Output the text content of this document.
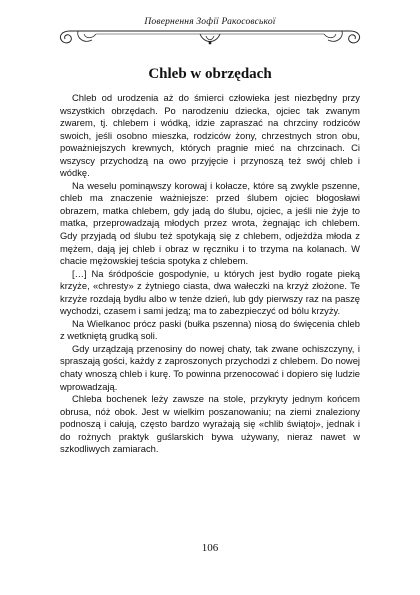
Повернення Зофії Ракосовської
Chleb w obrzędach

Chleb od urodzenia aż do śmierci człowieka jest niezbędny przy wszystkich obrzędach. Po narodzeniu dziecka, ojciec tak zwanym zwarem, tj. chlebem i wódką, idzie zapraszać na chrzciny rodziców swoich, jeśli osobno mieszka, rodziców żony, chrzestnych stron obu, poważniejszych krewnych, których pragnie mieć na chrzcinach. Ci wszyscy przychodzą na owo przyjęcie i przynoszą też swój chleb i wódkę.

Na weselu pominąwszy korowaj i kołacze, które są zwykle pszenne, chleb ma znaczenie ważniejsze: przed ślubem ojciec błogosławi obrazem, matka chlebem, gdy jadą do ślubu, ojciec, a jeśli nie żyje to matka, przeprowadzają młodych przez wrota, żegnając ich chlebem. Gdy przyjadą od ślubu też spotykają się z chlebem, odjeżdża młoda z mężem, dają jej chleb i obraz w ręczniku i to trzyma na kolanach. W chacie mężowskiej teścia spotyka z chlebem.

[…] Na śródpoście gospodynie, u których jest bydło rogate pieką krzyże, «chresty» z żytniego ciasta, dwa wałeczki na krzyż złożone. Te krzyże rozdają bydłu albo w tenże dzień, lub gdy pierwszy raz na paszę wychodzi, czasem i sami jedzą; ma to zabezpieczyć od bólu krzyży.

Na Wielkanoc prócz paski (bułka pszenna) niosą do święcenia chleb z wetkniętą grudką soli.

Gdy urządzają przenosiny do nowej chaty, tak zwane ochiszczyny, i spraszają gości, każdy z zaproszonych przychodzi z chlebem. Do nowej chaty wnoszą chleb i kurę. To powinna przenocować i dopiero się ludzie wprowadzają.

Chleba bochenek leży zawsze na stole, przykryty jednym końcem obrusa, nóż obok. Jest w wielkim poszanowaniu; na ziemi znaleziony podnoszą i całują, często bardzo wyrażają się «chlib świątoj», jednak i do rożnych praktyk guślarskich bywa używany, nieraz nawet w szkodliwych zamiarach.

106
